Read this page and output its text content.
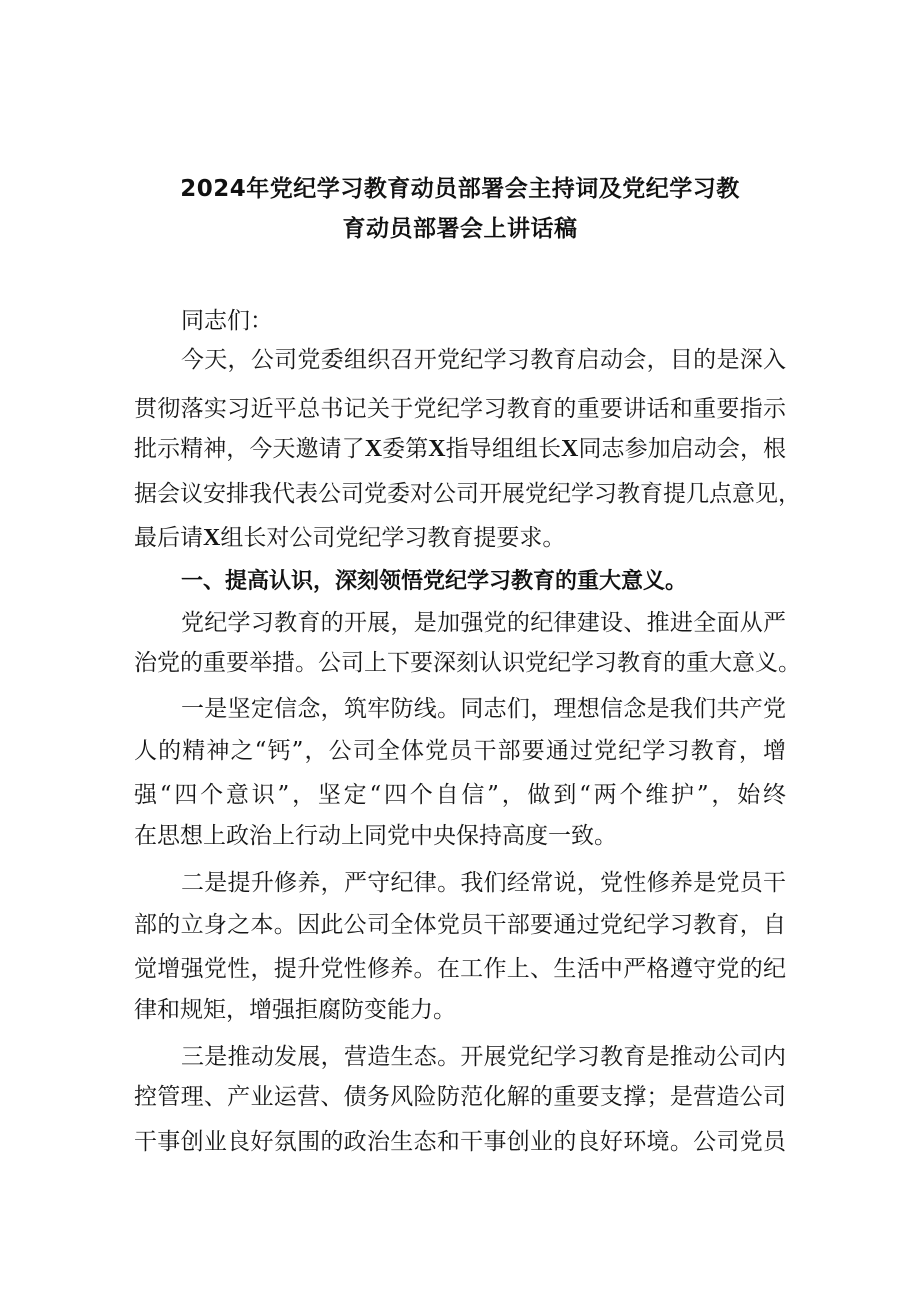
2024年党纪学习教育动员部署会主持词及党纪学习教
育动员部署会上讲话稿
同志们：
今天，公司党委组织召开党纪学习教育启动会，目的是深入
贯彻落实习近平总书记关于党纪学习教育的重要讲话和重要指示
批示精神，今天邀请了X委第X指导组组长X同志参加启动会，根
据会议安排我代表公司党委对公司开展党纪学习教育提几点意见，
最后请X组长对公司党纪学习教育提要求。
一、提高认识，深刻领悟党纪学习教育的重大意义。
党纪学习教育的开展，是加强党的纪律建设、推进全面从严
治党的重要举措。公司上下要深刻认识党纪学习教育的重大意义。
一是坚定信念，筑牢防线。同志们，理想信念是我们共产党
人的精神之“钙”，公司全体党员干部要通过党纪学习教育，增
强“四个意识”，坚定“四个自信”，做到“两个维护”，始终
在思想上政治上行动上同党中央保持高度一致。
二是提升修养，严守纪律。我们经常说，党性修养是党员干
部的立身之本。因此公司全体党员干部要通过党纪学习教育，自
觉增强党性，提升党性修养。在工作上、生活中严格遵守党的纪
律和规矩，增强拒腐防变能力。
三是推动发展，营造生态。开展党纪学习教育是推动公司内
控管理、产业运营、债务风险防范化解的重要支撑；是营造公司
干事创业良好氛围的政治生态和干事创业的良好环境。公司党员
